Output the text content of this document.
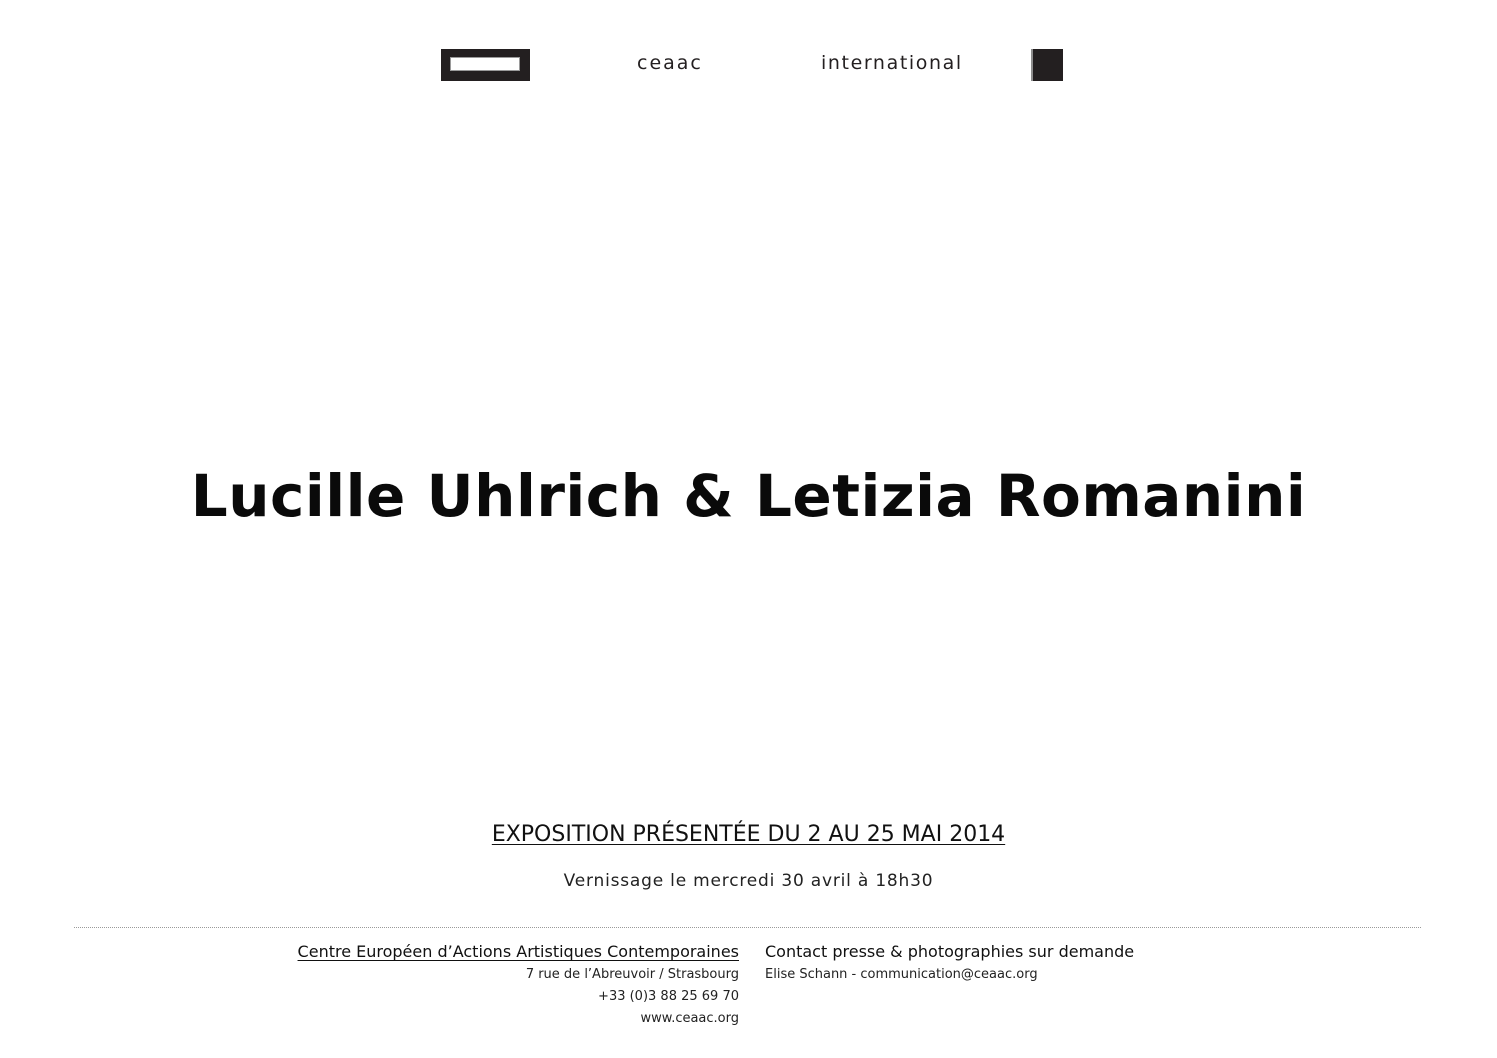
ceaac	international
Lucille Uhlrich & Letizia Romanini
EXPOSITION PRÉSENTÉE DU 2 AU 25 MAI 2014
Vernissage le mercredi 30 avril à 18h30
Centre Européen d’Actions Artistiques Contemporaines
7 rue de l’Abreuvoir / Strasbourg
+33 (0)3 88 25 69 70
www.ceaac.org
Contact presse & photographies sur demande
Elise Schann - communication@ceaac.org
